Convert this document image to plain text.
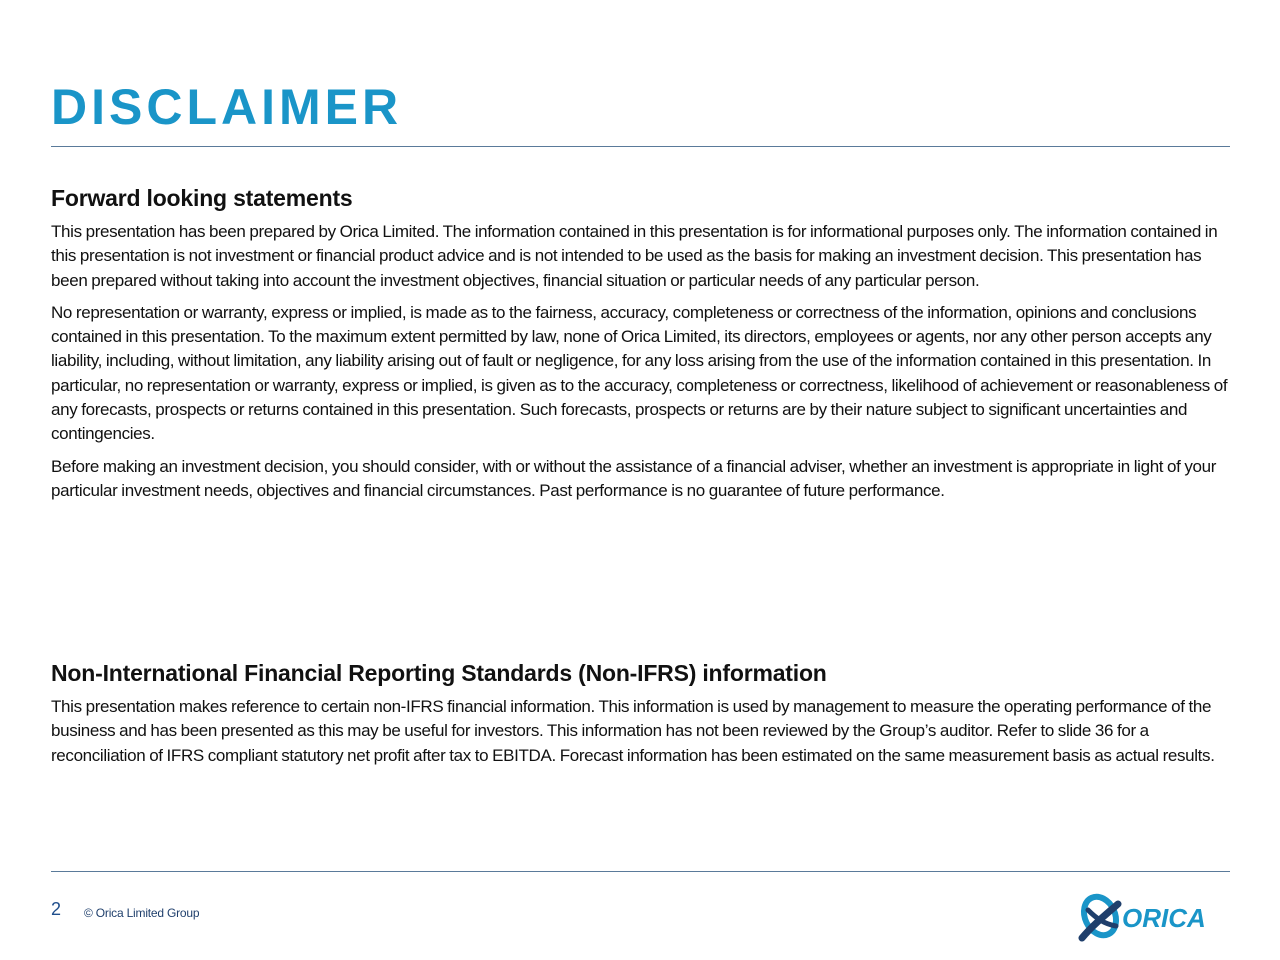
DISCLAIMER
Forward looking statements

This presentation has been prepared by Orica Limited. The information contained in this presentation is for informational purposes only. The information contained in this presentation is not investment or financial product advice and is not intended to be used as the basis for making an investment decision. This presentation has been prepared without taking into account the investment objectives, financial situation or particular needs of any particular person.

No representation or warranty, express or implied, is made as to the fairness, accuracy, completeness or correctness of the information, opinions and conclusions contained in this presentation. To the maximum extent permitted by law, none of Orica Limited, its directors, employees or agents, nor any other person accepts any liability, including, without limitation, any liability arising out of fault or negligence, for any loss arising from the use of the information contained in this presentation. In particular, no representation or warranty, express or implied, is given as to the accuracy, completeness or correctness, likelihood of achievement or reasonableness of any forecasts, prospects or returns contained in this presentation. Such forecasts, prospects or returns are by their nature subject to significant uncertainties and contingencies.

Before making an investment decision, you should consider, with or without the assistance of a financial adviser, whether an investment is appropriate in light of your particular investment needs, objectives and financial circumstances. Past performance is no guarantee of future performance.

Non-International Financial Reporting Standards (Non-IFRS) information

This presentation makes reference to certain non-IFRS financial information. This information is used by management to measure the operating performance of the business and has been presented as this may be useful for investors. This information has not been reviewed by the Group’s auditor. Refer to slide 36 for a reconciliation of IFRS compliant statutory net profit after tax to EBITDA. Forecast information has been estimated on the same measurement basis as actual results.

2 © Orica Limited Group	ORICA
